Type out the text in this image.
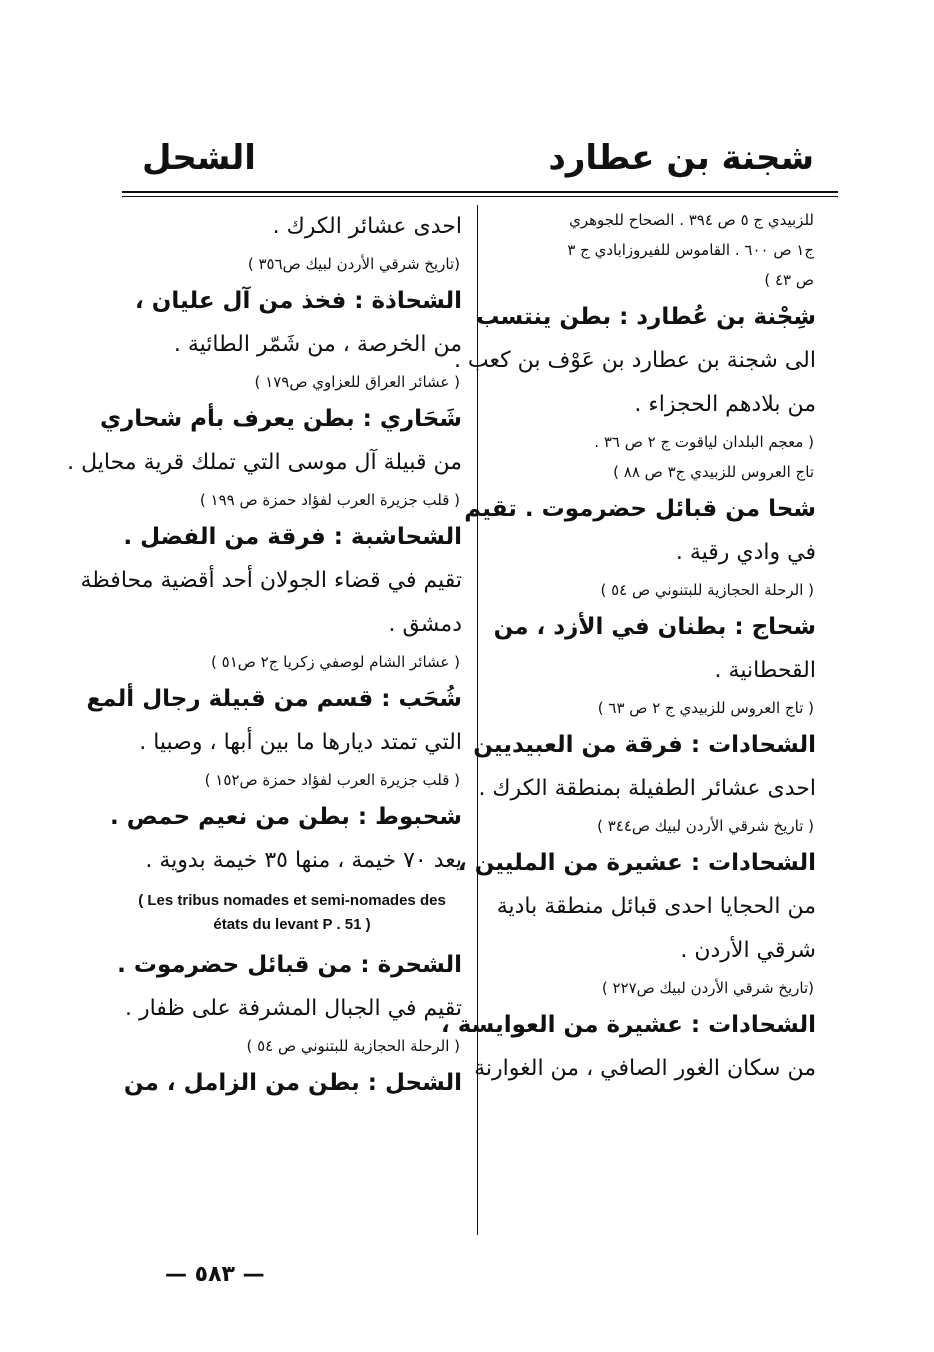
شجنة بن عطارد
الشحل
للزبيدي ج ٥ ص ٣٩٤ . الصحاح للجوهري
ج١ ص ٦٠٠ . القاموس للفيروزابادي ج ٣
ص ٤٣ )
شِجْنة بن عُطارد : بطن ينتسب
الى شجنة بن عطارد بن عَوْف بن كعب .
من بلادهم الحجزاء .
( معجم البلدان لياقوت ج ٢ ص ٣٦ .
تاج العروس للزبيدي ج٣ ص ٨٨ )
شحا من قبائل حضرموت . تقيم
في وادي رقية .
( الرحلة الحجازية للبتنوني ص ٥٤ )
شحاج : بطنان في الأزد ، من
القحطانية .
( تاج العروس للزبيدي ج ٢ ص ٦٣ )
الشحادات : فرقة من العبيديين
احدى عشائر الطفيلة بمنطقة الكرك .
( تاريخ شرقي الأردن لبيك ص٣٤٤ )
الشحادات : عشيرة من المليين ،
من الحجايا احدى قبائل منطقة بادية
شرقي الأردن .
(تاريخ شرقي الأردن لبيك ص٢٢٧ )
الشحادات : عشيرة من العوايسة ،
من سكان الغور الصافي ، من الغوارنة
احدى عشائر الكرك .
(تاريخ شرقي الأردن لبيك ص٣٥٦ )
الشحاذة : فخذ من آل عليان ،
من الخرصة ، من شَمّر الطائية .
( عشائر العراق للعزاوي ص١٧٩ )
شَحَاري : بطن يعرف بأم شحاري
من قبيلة آل موسى التي تملك قرية محايل .
( قلب جزيرة العرب لفؤاد حمزة ص ١٩٩ )
الشحاشبة : فرقة من الفضل .
تقيم في قضاء الجولان أحد أقضية محافظة
دمشق .
( عشائر الشام لوصفي زكريا ج٢ ص٥١ )
شُحَب : قسم من قبيلة رجال ألمع
التي تمتد ديارها ما بين أبها ، وصبيا .
( قلب جزيرة العرب لفؤاد حمزة ص١٥٢ )
شحبوط : بطن من نعيم حمص .
يعد ٧٠ خيمة ، منها ٣٥ خيمة بدوية .
( Les tribus nomades et semi-nomades des états du levant P . 51 )
الشحرة : من قبائل حضرموت .
تقيم في الجبال المشرفة على ظفار .
( الرحلة الحجازية للبتنوني ص ٥٤ )
الشحل : بطن من الزامل ، من
— ٥٨٣ —
